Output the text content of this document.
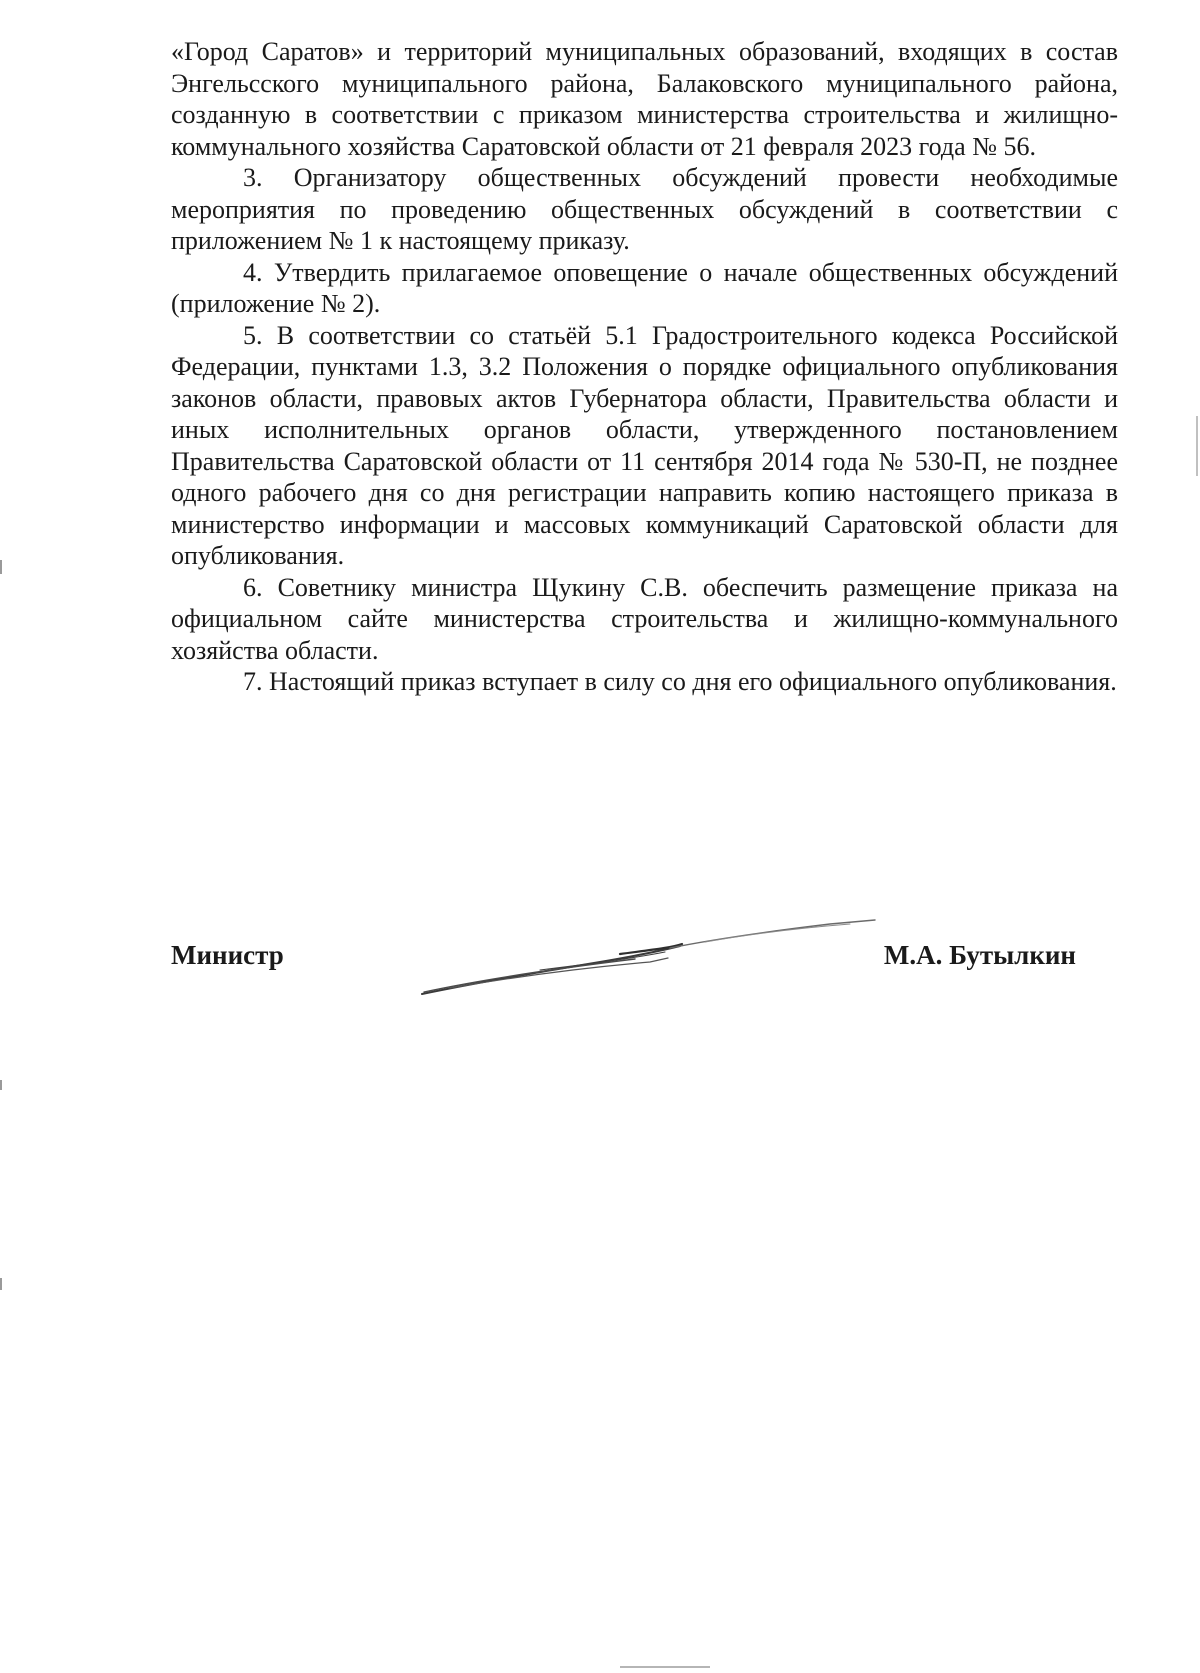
«Город Саратов» и территорий муниципальных образований, входящих в состав Энгельсского муниципального района, Балаковского муниципального района, созданную в соответствии с приказом министерства строительства и жилищно-коммунального хозяйства Саратовской области от 21 февраля 2023 года № 56.

3. Организатору общественных обсуждений провести необходимые мероприятия по проведению общественных обсуждений в соответствии с приложением № 1 к настоящему приказу.

4. Утвердить прилагаемое оповещение о начале общественных обсуждений (приложение № 2).

5. В соответствии со статьёй 5.1 Градостроительного кодекса Российской Федерации, пунктами 1.3, 3.2 Положения о порядке официального опубликования законов области, правовых актов Губернатора области, Правительства области и иных исполнительных органов области, утвержденного постановлением Правительства Саратовской области от 11 сентября 2014 года № 530-П, не позднее одного рабочего дня со дня регистрации направить копию настоящего приказа в министерство информации и массовых коммуникаций Саратовской области для опубликования.

6. Советнику министра Щукину С.В. обеспечить размещение приказа на официальном сайте министерства строительства и жилищно-коммунального хозяйства области.

7. Настоящий приказ вступает в силу со дня его официального опубликования.

Министр	М.А. Бутылкин
